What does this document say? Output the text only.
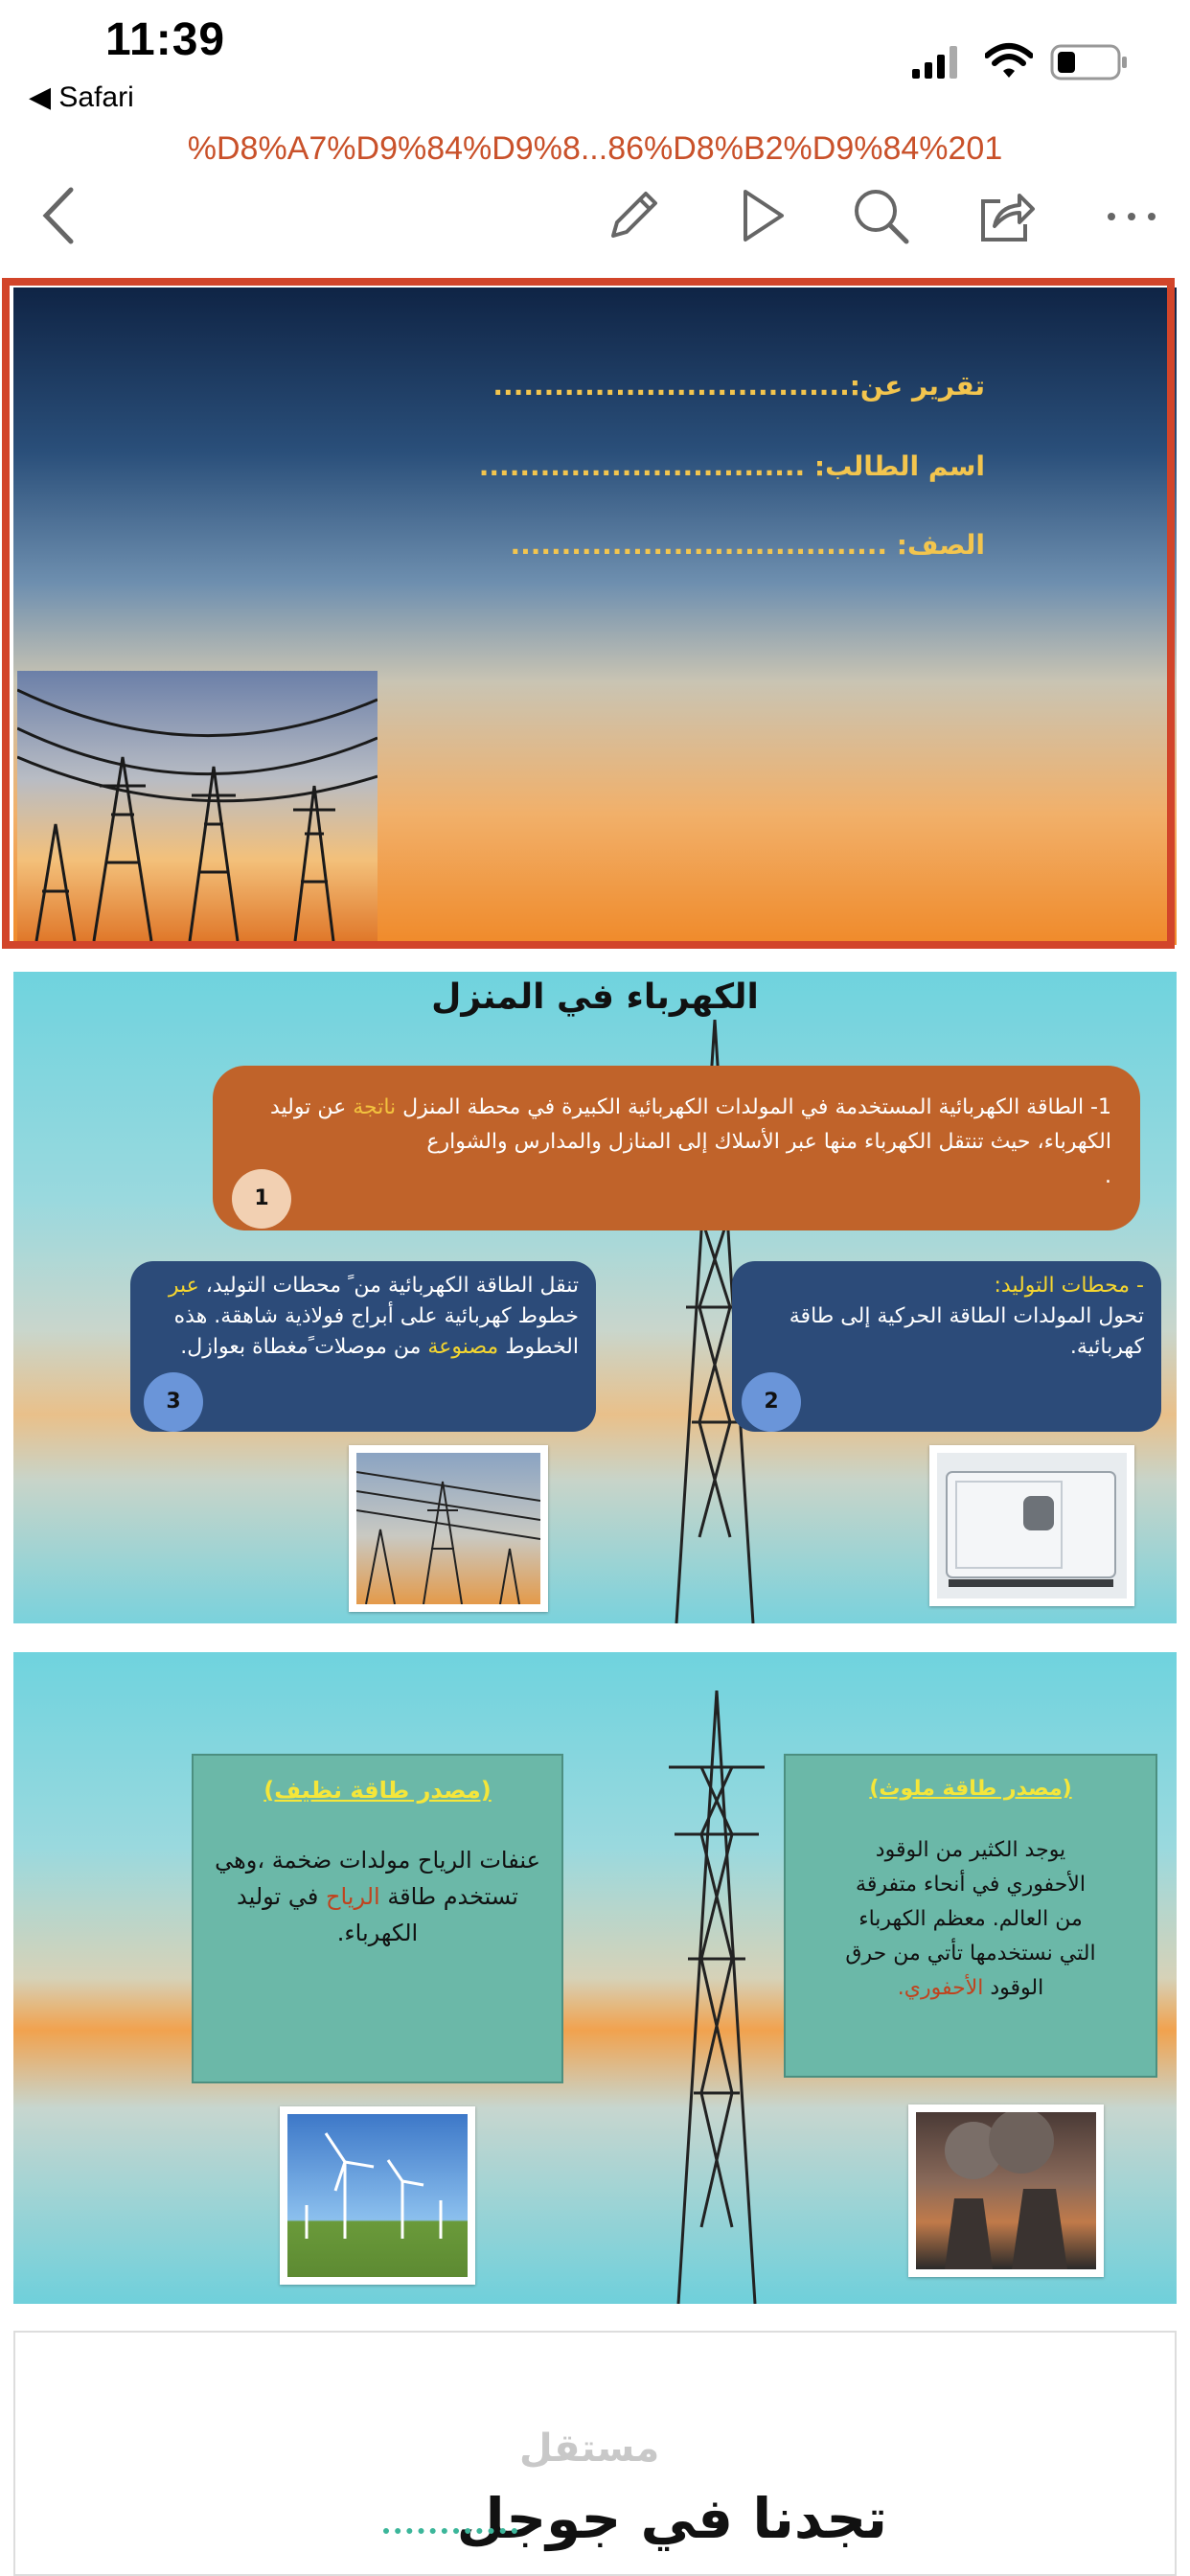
11:39
◀ Safari
%D8%A7%D9%84%D9%8...86%D8%B2%D9%84%201
تقرير عن:...................................
اسم الطالب: ................................
الصف: .....................................
الكهرباء في المنزل
1- الطاقة الكهربائية المستخدمة في المولدات الكهربائية الكبيرة في محطة المنزل ناتجة عن توليد الكهرباء، حيث تنتقل الكهرباء منها عبر الأسلاك إلى المنازل والمدارس والشوارع
.
1
- محطات التوليد:
تحول المولدات الطاقة الحركية إلى طاقة كهربائية.
2
تنقل الطاقة الكهربائية من ً محطات التوليد، عبر خطوط كهربائية على أبراج فولاذية شاهقة. هذه الخطوط مصنوعة من موصلات ًمغطاة بعوازل.
3
(مصدر طاقة نظيف)
عنفات الرياح مولدات ضخمة ،وهي تستخدم طاقة الرياح في توليد الكهرباء.
(مصدر طاقة ملوث)
يوجد الكثير من الوقود الأحفوري في أنحاء متفرقة من العالم. معظم الكهرباء التي نستخدمها تأتي من حرق الوقود الأحفوري.
مستقل
تجدنا في جوجل
